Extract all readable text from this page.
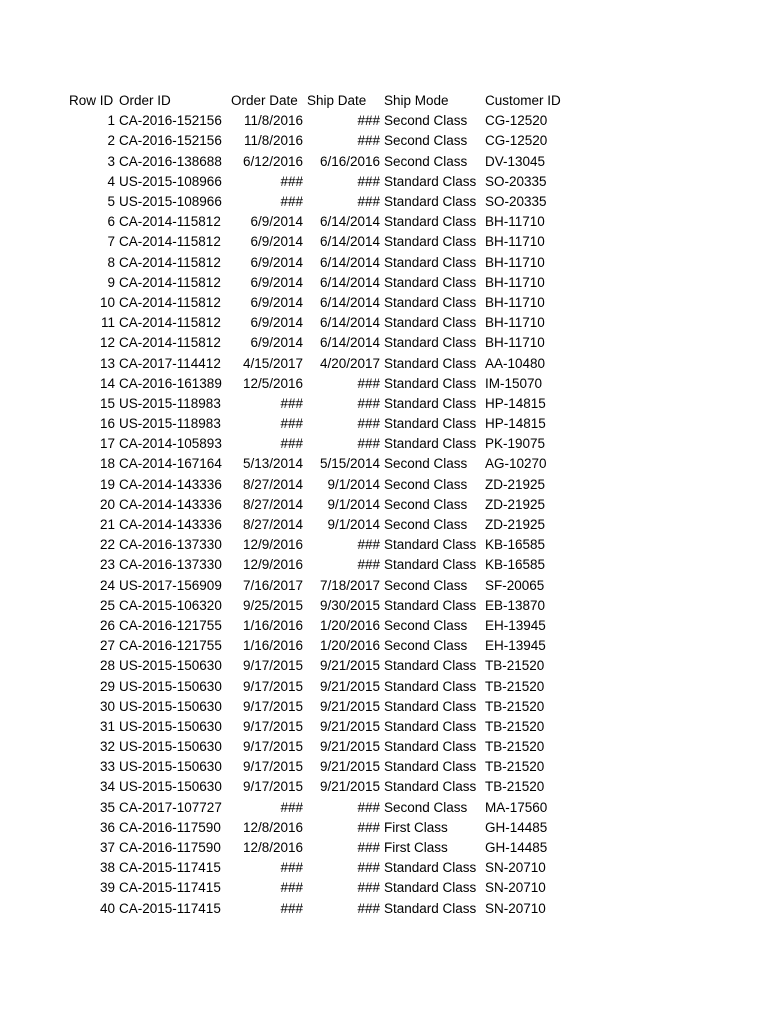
Row ID	Order ID	Order Date	Ship Date	Ship Mode	Customer ID
1	CA-2016-152156	11/8/2016	###	Second Class	CG-12520
2	CA-2016-152156	11/8/2016	###	Second Class	CG-12520
3	CA-2016-138688	6/12/2016	6/16/2016	Second Class	DV-13045
4	US-2015-108966	###	###	Standard Class	SO-20335
5	US-2015-108966	###	###	Standard Class	SO-20335
6	CA-2014-115812	6/9/2014	6/14/2014	Standard Class	BH-11710
7	CA-2014-115812	6/9/2014	6/14/2014	Standard Class	BH-11710
8	CA-2014-115812	6/9/2014	6/14/2014	Standard Class	BH-11710
9	CA-2014-115812	6/9/2014	6/14/2014	Standard Class	BH-11710
10	CA-2014-115812	6/9/2014	6/14/2014	Standard Class	BH-11710
11	CA-2014-115812	6/9/2014	6/14/2014	Standard Class	BH-11710
12	CA-2014-115812	6/9/2014	6/14/2014	Standard Class	BH-11710
13	CA-2017-114412	4/15/2017	4/20/2017	Standard Class	AA-10480
14	CA-2016-161389	12/5/2016	###	Standard Class	IM-15070
15	US-2015-118983	###	###	Standard Class	HP-14815
16	US-2015-118983	###	###	Standard Class	HP-14815
17	CA-2014-105893	###	###	Standard Class	PK-19075
18	CA-2014-167164	5/13/2014	5/15/2014	Second Class	AG-10270
19	CA-2014-143336	8/27/2014	9/1/2014	Second Class	ZD-21925
20	CA-2014-143336	8/27/2014	9/1/2014	Second Class	ZD-21925
21	CA-2014-143336	8/27/2014	9/1/2014	Second Class	ZD-21925
22	CA-2016-137330	12/9/2016	###	Standard Class	KB-16585
23	CA-2016-137330	12/9/2016	###	Standard Class	KB-16585
24	US-2017-156909	7/16/2017	7/18/2017	Second Class	SF-20065
25	CA-2015-106320	9/25/2015	9/30/2015	Standard Class	EB-13870
26	CA-2016-121755	1/16/2016	1/20/2016	Second Class	EH-13945
27	CA-2016-121755	1/16/2016	1/20/2016	Second Class	EH-13945
28	US-2015-150630	9/17/2015	9/21/2015	Standard Class	TB-21520
29	US-2015-150630	9/17/2015	9/21/2015	Standard Class	TB-21520
30	US-2015-150630	9/17/2015	9/21/2015	Standard Class	TB-21520
31	US-2015-150630	9/17/2015	9/21/2015	Standard Class	TB-21520
32	US-2015-150630	9/17/2015	9/21/2015	Standard Class	TB-21520
33	US-2015-150630	9/17/2015	9/21/2015	Standard Class	TB-21520
34	US-2015-150630	9/17/2015	9/21/2015	Standard Class	TB-21520
35	CA-2017-107727	###	###	Second Class	MA-17560
36	CA-2016-117590	12/8/2016	###	First Class	GH-14485
37	CA-2016-117590	12/8/2016	###	First Class	GH-14485
38	CA-2015-117415	###	###	Standard Class	SN-20710
39	CA-2015-117415	###	###	Standard Class	SN-20710
40	CA-2015-117415	###	###	Standard Class	SN-20710
